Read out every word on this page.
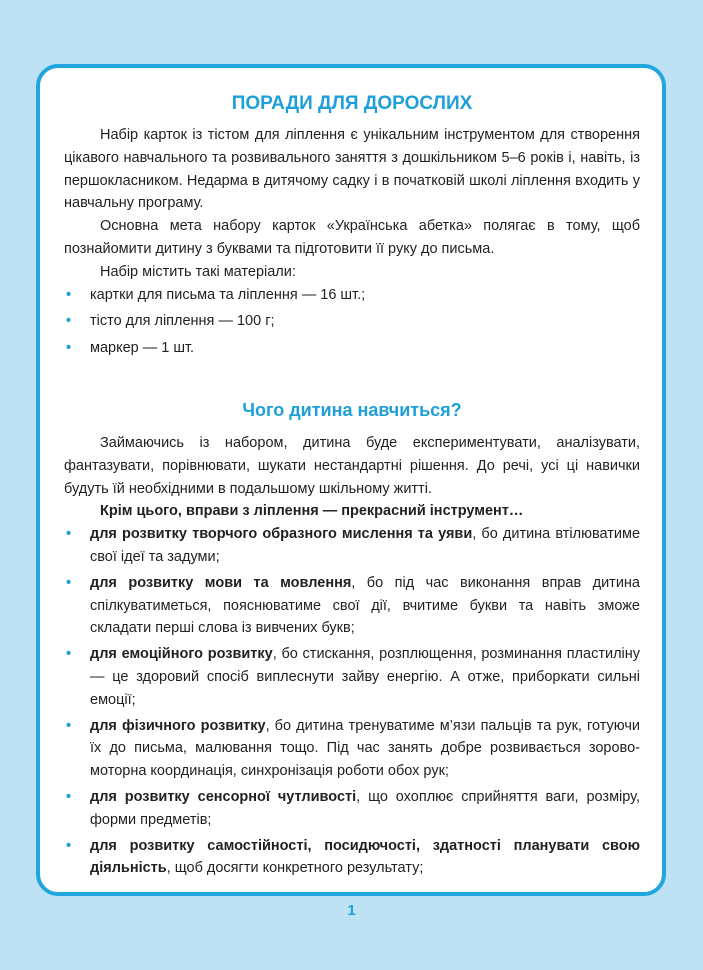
ПОРАДИ ДЛЯ ДОРОСЛИХ

Набір карток із тістом для ліплення є унікальним інструментом для створення цікавого навчального та розвивального заняття з дошкільником 5–6 років і, навіть, із першокласником. Недарма в дитячому садку і в початковій школі ліплення входить у навчальну програму.

Основна мета набору карток «Українська абетка» полягає в тому, щоб познайомити дитину з буквами та підготовити її руку до письма.

Набір містить такі матеріали:

• картки для письма та ліплення — 16 шт.;
• тісто для ліплення — 100 г;
• маркер — 1 шт.
Чого дитина навчиться?

Займаючись із набором, дитина буде експериментувати, аналізувати, фантазувати, порівнювати, шукати нестандартні рішення. До речі, усі ці навички будуть їй необхідними в подальшому шкільному житті.

Крім цього, вправи з ліплення — прекрасний інструмент…

• для розвитку творчого образного мислення та уяви, бо дитина втілюватиме свої ідеї та задуми;
• для розвитку мови та мовлення, бо під час виконання вправ дитина спілкуватиметься, пояснюватиме свої дії, вчитиме букви та навіть зможе складати перші слова із вивчених букв;
• для емоційного розвитку, бо стискання, розплющення, розминання пластиліну — це здоровий спосіб виплеснути зайву енергію. А отже, приборкати сильні емоції;
• для фізичного розвитку, бо дитина тренуватиме м’язи пальців та рук, готуючи їх до письма, малювання тощо. Під час занять добре розвивається зорово-моторна координація, синхронізація роботи обох рук;
• для розвитку сенсорної чутливості, що охоплює сприйняття ваги, розміру, форми предметів;
• для розвитку самостійності, посидючості, здатності планувати свою діяльність, щоб досягти конкретного результату;
1
